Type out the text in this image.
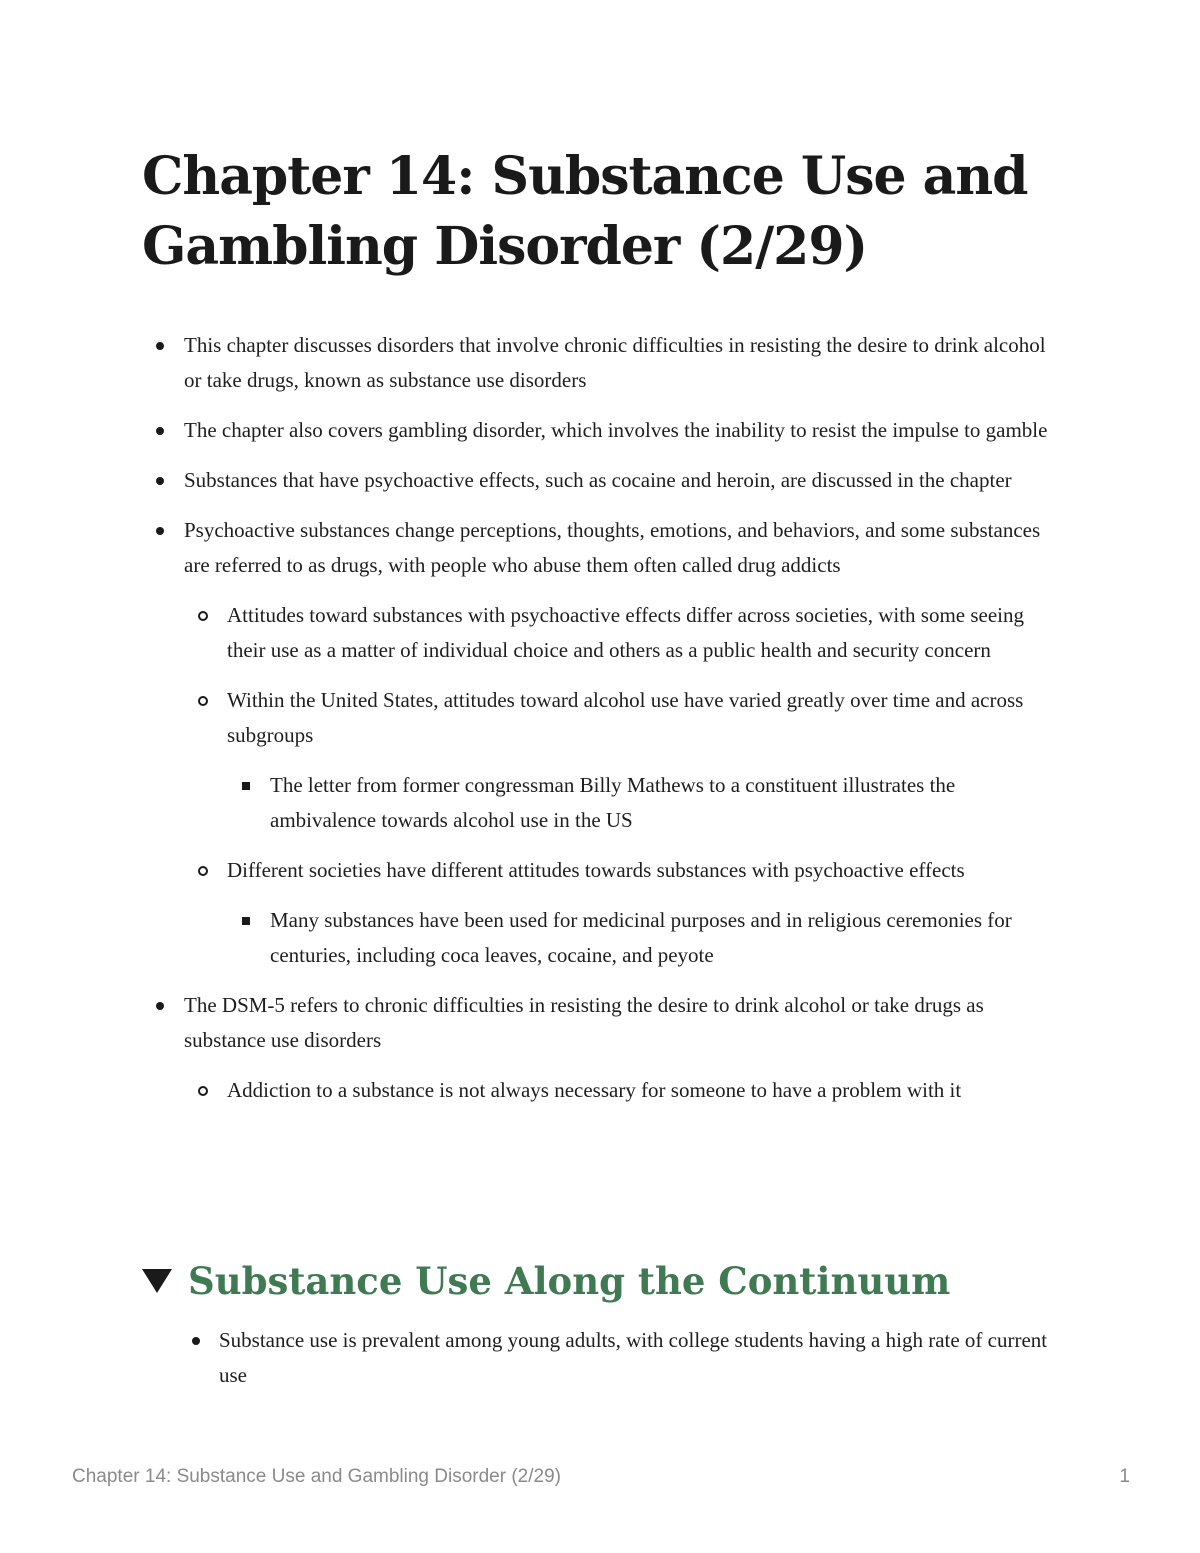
Chapter 14: Substance Use and Gambling Disorder (2/29)
This chapter discusses disorders that involve chronic difficulties in resisting the desire to drink alcohol or take drugs, known as substance use disorders
The chapter also covers gambling disorder, which involves the inability to resist the impulse to gamble
Substances that have psychoactive effects, such as cocaine and heroin, are discussed in the chapter
Psychoactive substances change perceptions, thoughts, emotions, and behaviors, and some substances are referred to as drugs, with people who abuse them often called drug addicts
Attitudes toward substances with psychoactive effects differ across societies, with some seeing their use as a matter of individual choice and others as a public health and security concern
Within the United States, attitudes toward alcohol use have varied greatly over time and across subgroups
The letter from former congressman Billy Mathews to a constituent illustrates the ambivalence towards alcohol use in the US
Different societies have different attitudes towards substances with psychoactive effects
Many substances have been used for medicinal purposes and in religious ceremonies for centuries, including coca leaves, cocaine, and peyote
The DSM-5 refers to chronic difficulties in resisting the desire to drink alcohol or take drugs as substance use disorders
Addiction to a substance is not always necessary for someone to have a problem with it
Substance Use Along the Continuum
Substance use is prevalent among young adults, with college students having a high rate of current use
Chapter 14: Substance Use and Gambling Disorder (2/29)	1
